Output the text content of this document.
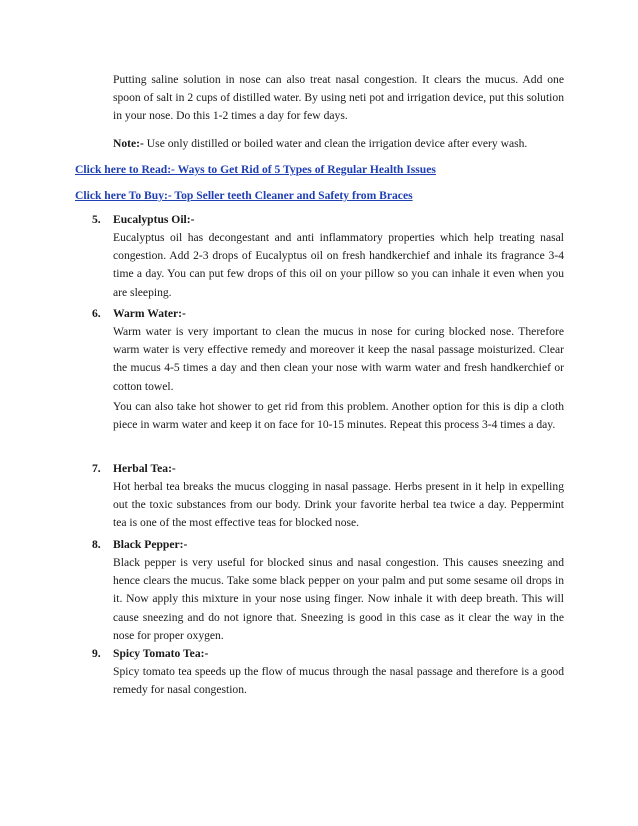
Putting saline solution in nose can also treat nasal congestion. It clears the mucus. Add one spoon of salt in 2 cups of distilled water. By using neti pot and irrigation device, put this solution in your nose. Do this 1-2 times a day for few days.

Note:- Use only distilled or boiled water and clean the irrigation device after every wash.

Click here to Read:- Ways to Get Rid of 5 Types of Regular Health Issues
Click here To Buy:- Top Seller teeth Cleaner and Safety from Braces
5.	Eucalyptus Oil:-

Eucalyptus oil has decongestant and anti inflammatory properties which help treating nasal congestion. Add 2-3 drops of Eucalyptus oil on fresh handkerchief and inhale its fragrance 3-4 time a day. You can put few drops of this oil on your pillow so you can inhale it even when you are sleeping.

6.	Warm Water:-

Warm water is very important to clean the mucus in nose for curing blocked nose. Therefore warm water is very effective remedy and moreover it keep the nasal passage moisturized. Clear the mucus 4-5 times a day and then clean your nose with warm water and fresh handkerchief or cotton towel.

You can also take hot shower to get rid from this problem. Another option for this is dip a cloth piece in warm water and keep it on face for 10-15 minutes. Repeat this process 3-4 times a day.

7.	Herbal Tea:-

Hot herbal tea breaks the mucus clogging in nasal passage. Herbs present in it help in expelling out the toxic substances from our body. Drink your favorite herbal tea twice a day. Peppermint tea is one of the most effective teas for blocked nose.

8.	Black Pepper:-

Black pepper is very useful for blocked sinus and nasal congestion. This causes sneezing and hence clears the mucus. Take some black pepper on your palm and put some sesame oil drops in it. Now apply this mixture in your nose using finger. Now inhale it with deep breath. This will cause sneezing and do not ignore that. Sneezing is good in this case as it clear the way in the nose for proper oxygen.

9.	Spicy Tomato Tea:-

Spicy tomato tea speeds up the flow of mucus through the nasal passage and therefore is a good remedy for nasal congestion.
